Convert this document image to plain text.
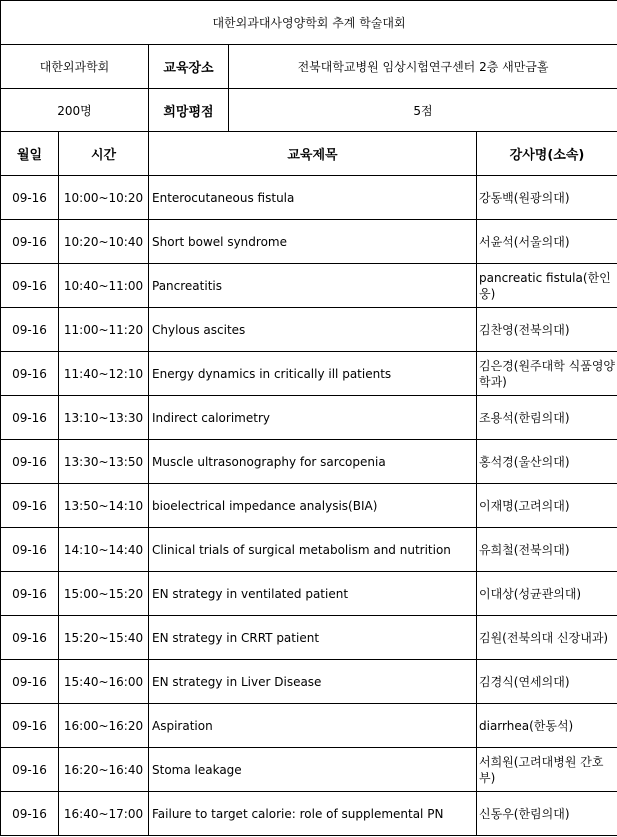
대한외과대사영양학회 추계 학술대회				
대한외과학회		교육장소	전북대학교병원 임상시험연구센터 2층 새만금홀	
200명		희망평점	5점	
월일	시간	교육제목		강사명(소속)
09-16	10:00~10:20	Enterocutaneous fistula		강동백(원광의대)
09-16	10:20~10:40	Short bowel syndrome		서윤석(서울의대)
09-16	10:40~11:00	Pancreatitis		pancreatic fistula(한인웅)
09-16	11:00~11:20	Chylous ascites		김찬영(전북의대)
09-16	11:40~12:10	Energy dynamics in critically ill patients		김은경(원주대학 식품영양학과)
09-16	13:10~13:30	Indirect calorimetry		조용석(한림의대)
09-16	13:30~13:50	Muscle ultrasonography for sarcopenia		홍석경(울산의대)
09-16	13:50~14:10	bioelectrical impedance analysis(BIA)		이재명(고려의대)
09-16	14:10~14:40	Clinical trials of surgical metabolism and nutrition		유희철(전북의대)
09-16	15:00~15:20	EN strategy in ventilated patient		이대상(성균관의대)
09-16	15:20~15:40	EN strategy in CRRT patient		김원(전북의대 신장내과)
09-16	15:40~16:00	EN strategy in Liver Disease		김경식(연세의대)
09-16	16:00~16:20	Aspiration		diarrhea(한동석)
09-16	16:20~16:40	Stoma leakage		서희원(고려대병원 간호부)
09-16	16:40~17:00	Failure to target calorie: role of supplemental PN		신동우(한림의대)
